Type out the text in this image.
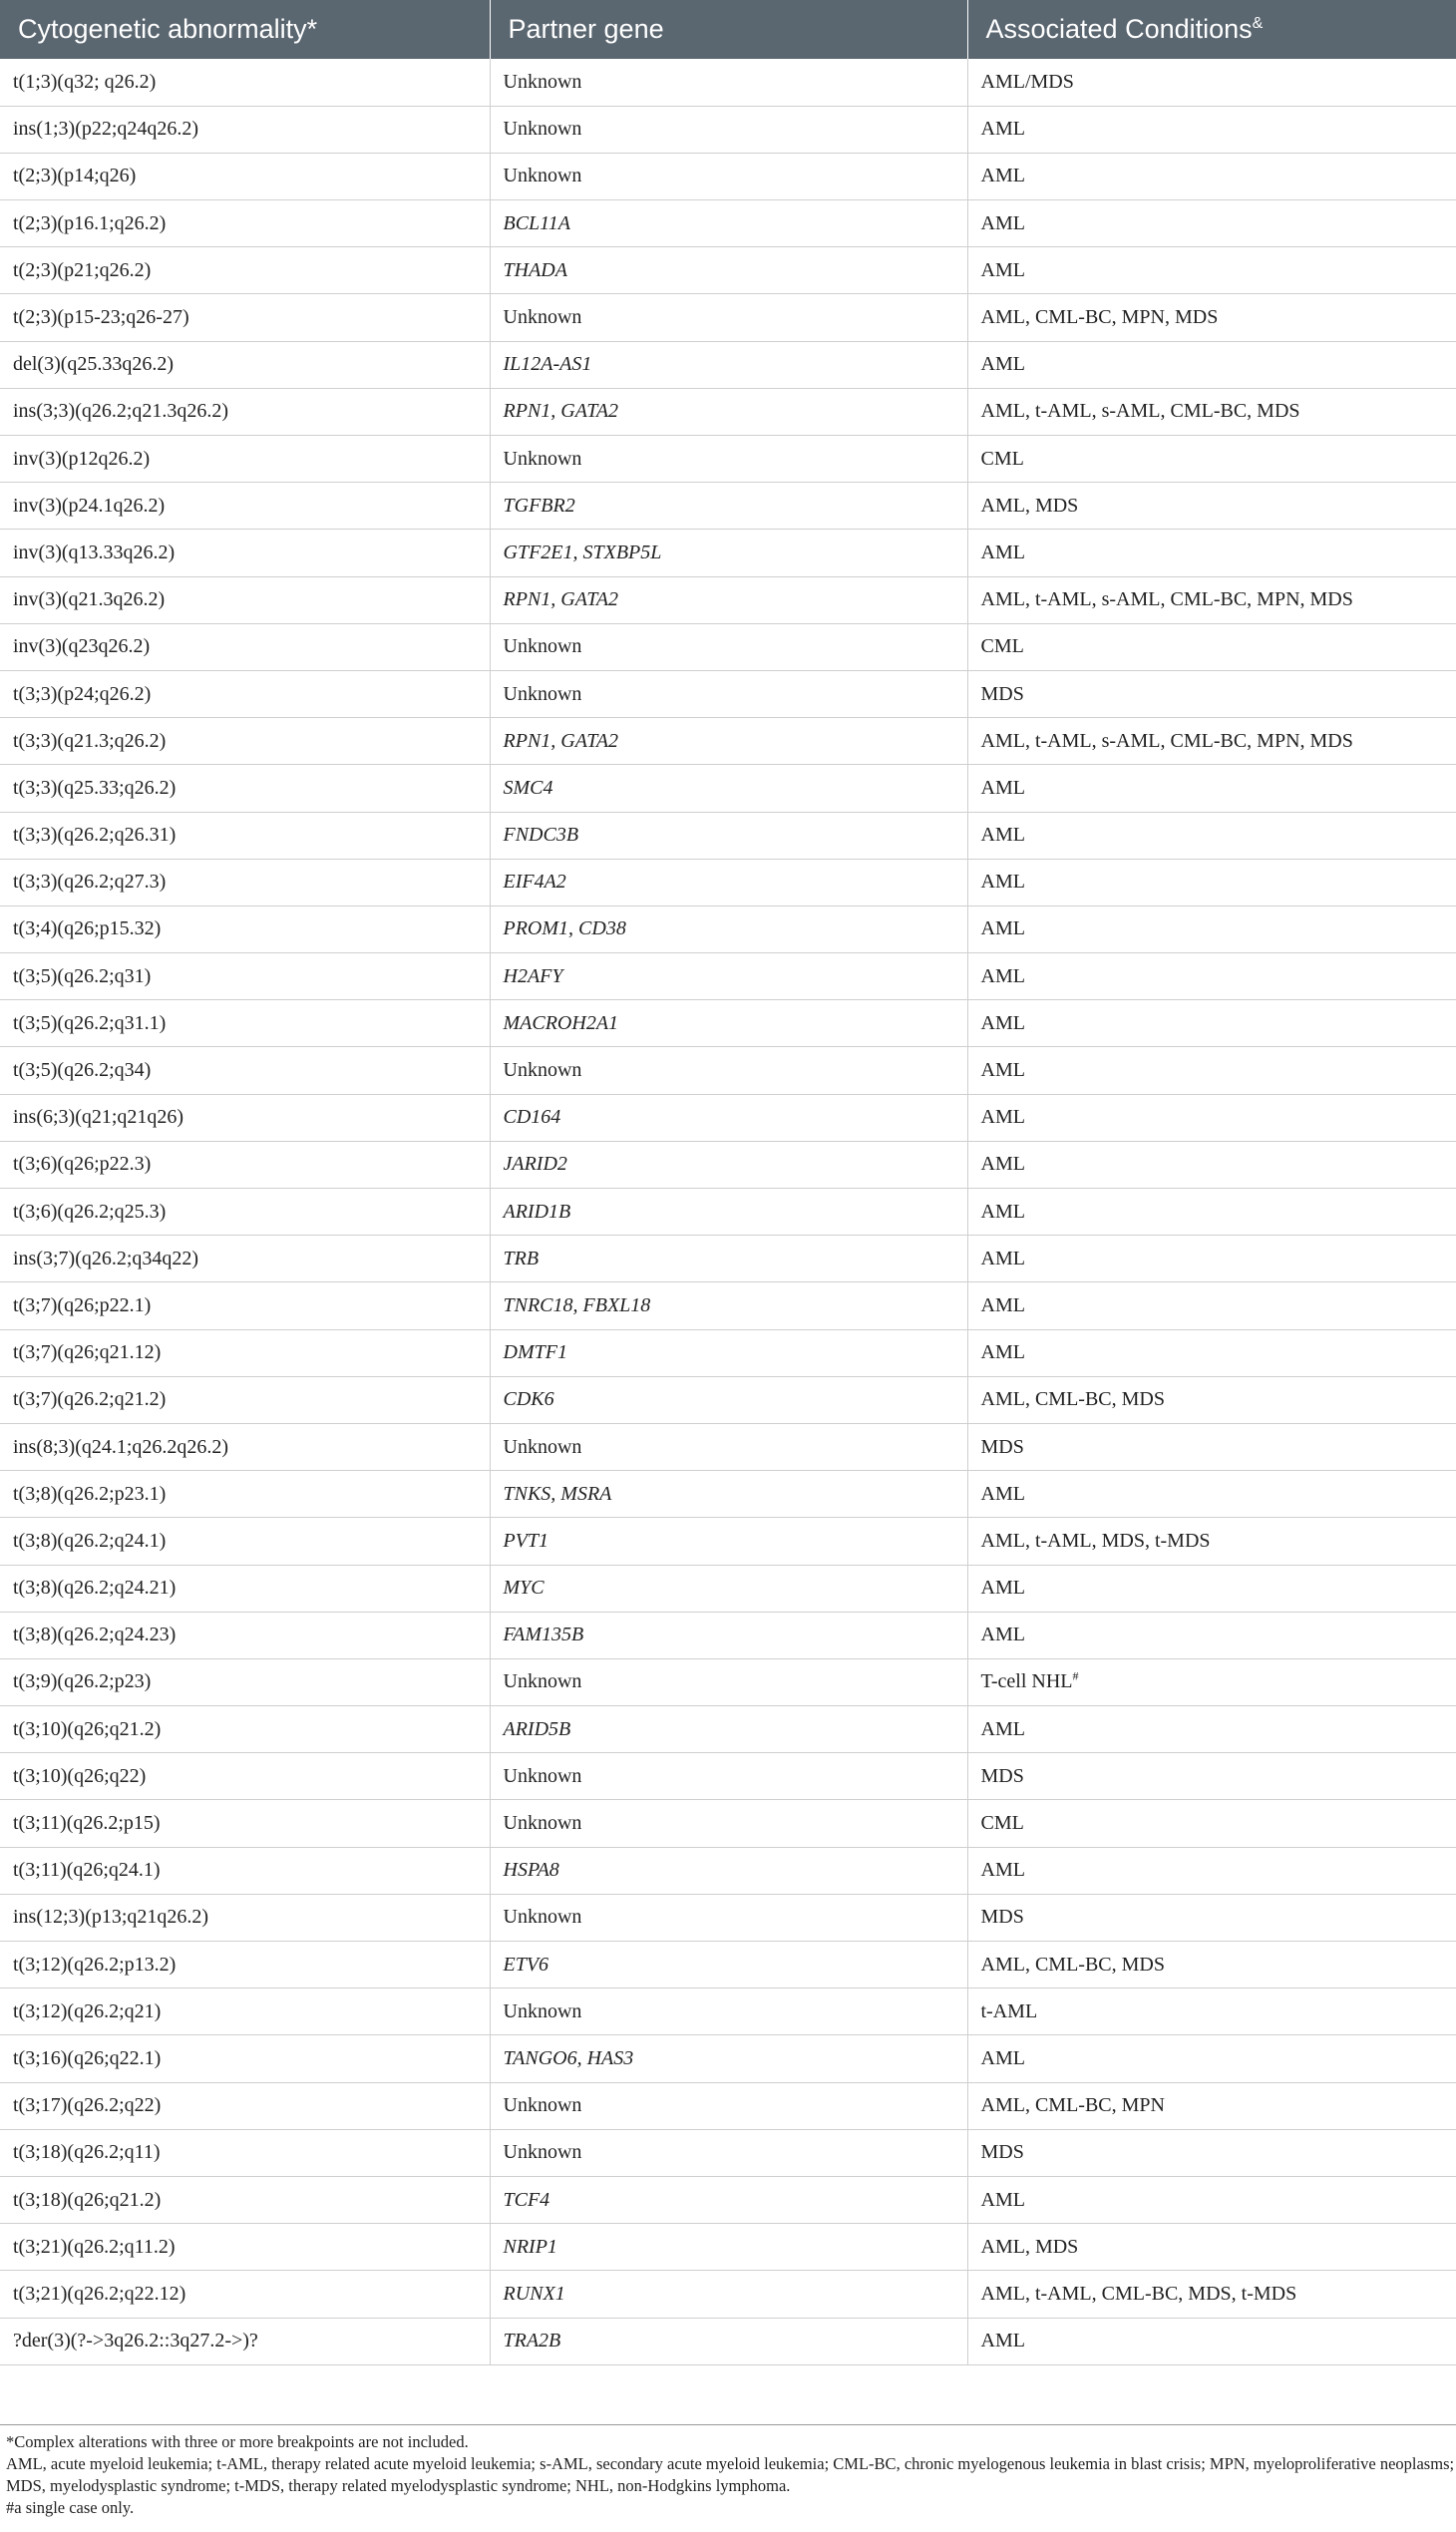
Cytogenetic abnormality*	Partner gene	Associated Conditions&
t(1;3)(q32; q26.2)	Unknown	AML/MDS
ins(1;3)(p22;q24q26.2)	Unknown	AML
t(2;3)(p14;q26)	Unknown	AML
t(2;3)(p16.1;q26.2)	BCL11A	AML
t(2;3)(p21;q26.2)	THADA	AML
t(2;3)(p15-23;q26-27)	Unknown	AML, CML-BC, MPN, MDS
del(3)(q25.33q26.2)	IL12A-AS1	AML
ins(3;3)(q26.2;q21.3q26.2)	RPN1, GATA2	AML, t-AML, s-AML, CML-BC, MDS
inv(3)(p12q26.2)	Unknown	CML
inv(3)(p24.1q26.2)	TGFBR2	AML, MDS
inv(3)(q13.33q26.2)	GTF2E1, STXBP5L	AML
inv(3)(q21.3q26.2)	RPN1, GATA2	AML, t-AML, s-AML, CML-BC, MPN, MDS
inv(3)(q23q26.2)	Unknown	CML
t(3;3)(p24;q26.2)	Unknown	MDS
t(3;3)(q21.3;q26.2)	RPN1, GATA2	AML, t-AML, s-AML, CML-BC, MPN, MDS
t(3;3)(q25.33;q26.2)	SMC4	AML
t(3;3)(q26.2;q26.31)	FNDC3B	AML
t(3;3)(q26.2;q27.3)	EIF4A2	AML
t(3;4)(q26;p15.32)	PROM1, CD38	AML
t(3;5)(q26.2;q31)	H2AFY	AML
t(3;5)(q26.2;q31.1)	MACROH2A1	AML
t(3;5)(q26.2;q34)	Unknown	AML
ins(6;3)(q21;q21q26)	CD164	AML
t(3;6)(q26;p22.3)	JARID2	AML
t(3;6)(q26.2;q25.3)	ARID1B	AML
ins(3;7)(q26.2;q34q22)	TRB	AML
t(3;7)(q26;p22.1)	TNRC18, FBXL18	AML
t(3;7)(q26;q21.12)	DMTF1	AML
t(3;7)(q26.2;q21.2)	CDK6	AML, CML-BC, MDS
ins(8;3)(q24.1;q26.2q26.2)	Unknown	MDS
t(3;8)(q26.2;p23.1)	TNKS, MSRA	AML
t(3;8)(q26.2;q24.1)	PVT1	AML, t-AML, MDS, t-MDS
t(3;8)(q26.2;q24.21)	MYC	AML
t(3;8)(q26.2;q24.23)	FAM135B	AML
t(3;9)(q26.2;p23)	Unknown	T-cell NHL#
t(3;10)(q26;q21.2)	ARID5B	AML
t(3;10)(q26;q22)	Unknown	MDS
t(3;11)(q26.2;p15)	Unknown	CML
t(3;11)(q26;q24.1)	HSPA8	AML
ins(12;3)(p13;q21q26.2)	Unknown	MDS
t(3;12)(q26.2;p13.2)	ETV6	AML, CML-BC, MDS
t(3;12)(q26.2;q21)	Unknown	t-AML
t(3;16)(q26;q22.1)	TANGO6, HAS3	AML
t(3;17)(q26.2;q22)	Unknown	AML, CML-BC, MPN
t(3;18)(q26.2;q11)	Unknown	MDS
t(3;18)(q26;q21.2)	TCF4	AML
t(3;21)(q26.2;q11.2)	NRIP1	AML, MDS
t(3;21)(q26.2;q22.12)	RUNX1	AML, t-AML, CML-BC, MDS, t-MDS
?der(3)(?->3q26.2::3q27.2->)?	TRA2B	AML

*Complex alterations with three or more breakpoints are not included.

AML, acute myeloid leukemia; t-AML, therapy related acute myeloid leukemia; s-AML, secondary acute myeloid leukemia; CML-BC, chronic myelogenous leukemia in blast crisis; MPN, myeloproliferative neoplasms; MDS, myelodysplastic syndrome; t-MDS, therapy related myelodysplastic syndrome; NHL, non-Hodgkins lymphoma.

#a single case only.
